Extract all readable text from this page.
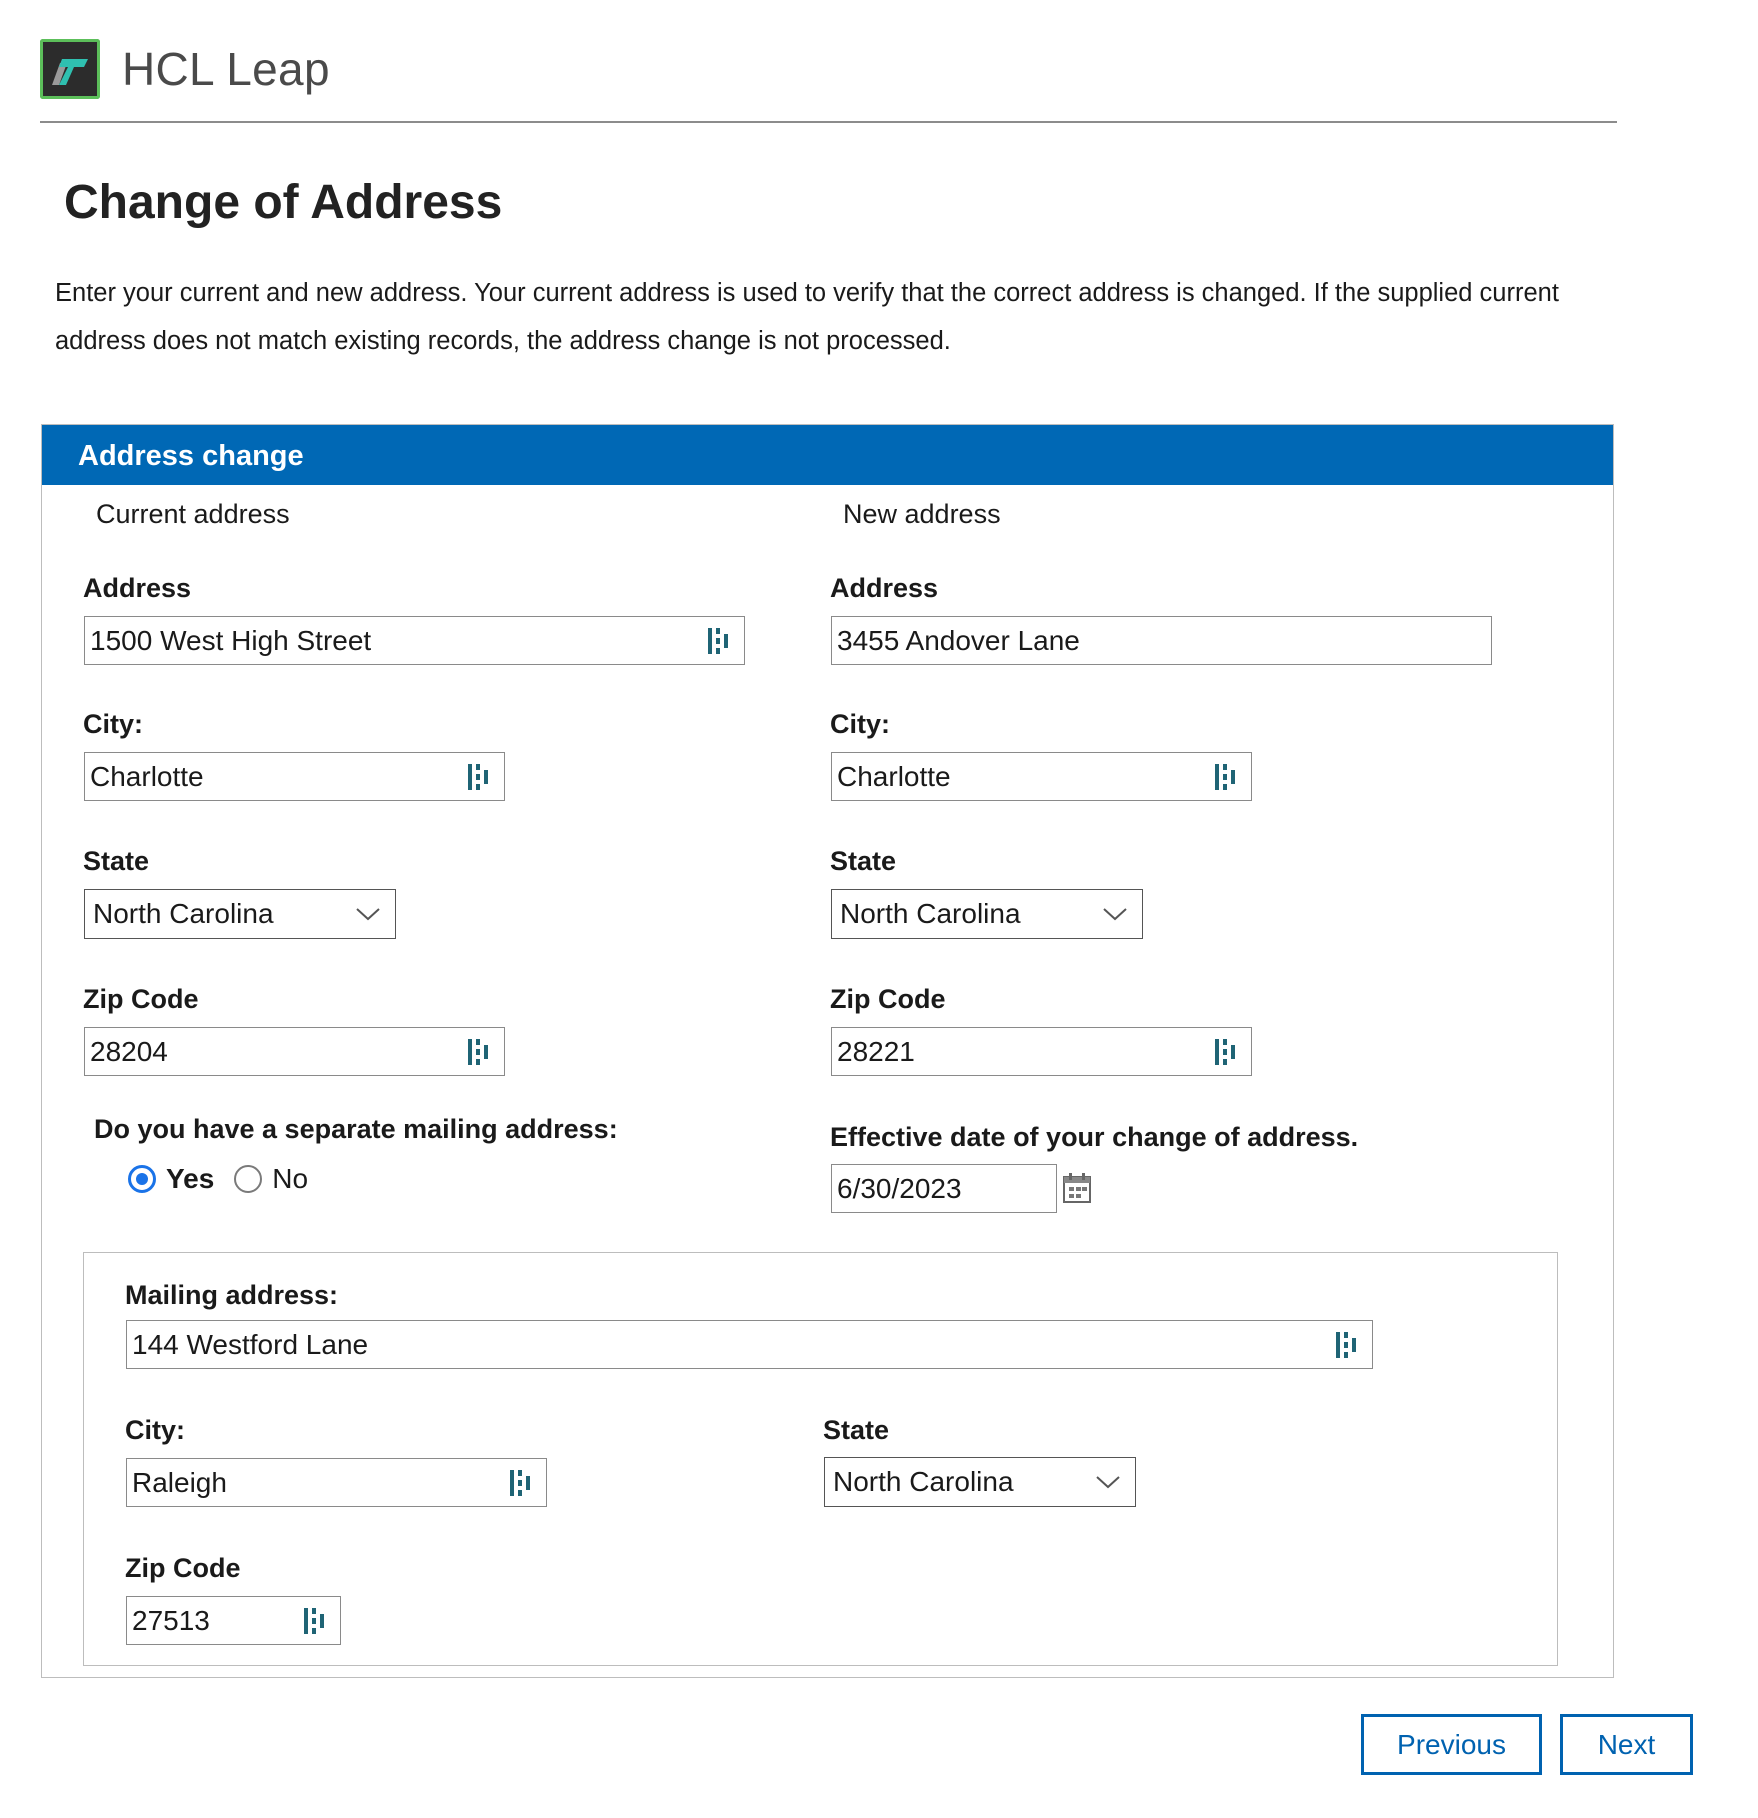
HCL Leap
Change of Address
Enter your current and new address. Your current address is used to verify that the correct address is changed. If the supplied current address does not match existing records, the address change is not processed.
Address change
Current address
Address
1500 West High Street
City:
Charlotte
State
North Carolina
Zip Code
28204
Do you have a separate mailing address:
Yes No
New address
Address
3455 Andover Lane
City:
Charlotte
State
North Carolina
Zip Code
28221
Effective date of your change of address.
6/30/2023
Mailing address:
144 Westford Lane
City:
Raleigh
State
North Carolina
Zip Code
27513
Previous	Next
